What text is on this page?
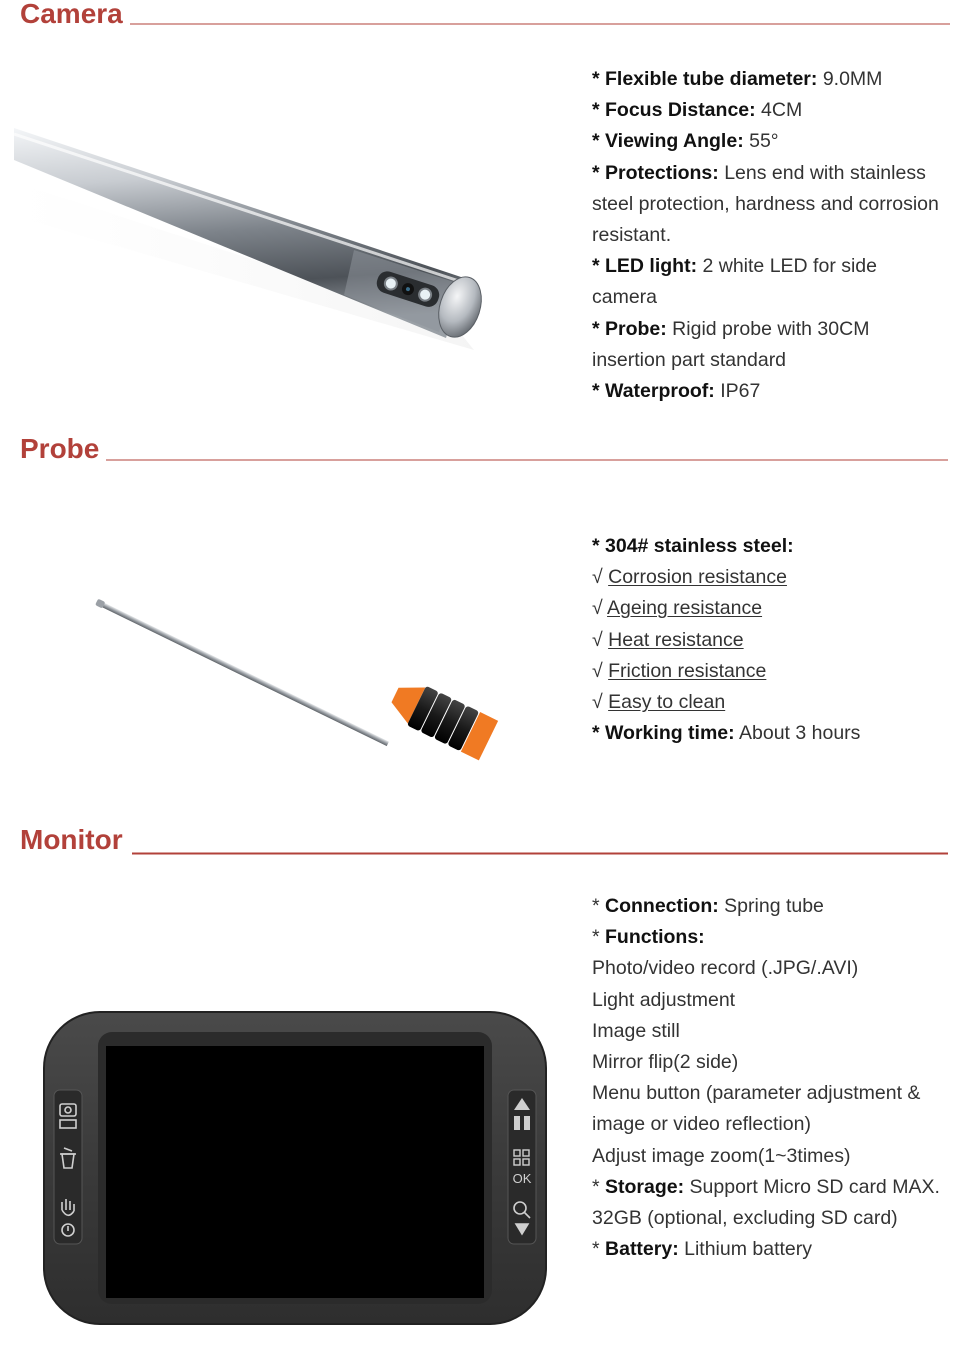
Camera

* Flexible tube diameter: 9.0MM

* Focus Distance: 4CM

* Viewing Angle: 55°

* Protections: Lens end with stainless steel protection, hardness and corrosion resistant.

* LED light: 2 white LED for side camera

* Probe: Rigid probe with 30CM insertion part standard

* Waterproof: IP67

Probe

* 304# stainless steel:

√ Corrosion resistance

√ Ageing resistance

√ Heat resistance

√ Friction resistance

√ Easy to clean

* Working time: About 3 hours

Monitor
OK

* Connection: Spring tube

* Functions:

Photo/video record (.JPG/.AVI)

Light adjustment

Image still

Mirror flip(2 side)

Menu button (parameter adjustment & image or video reflection)

Adjust image zoom(1~3times)

* Storage: Support Micro SD card MAX. 32GB (optional, excluding SD card)

* Battery: Lithium battery
